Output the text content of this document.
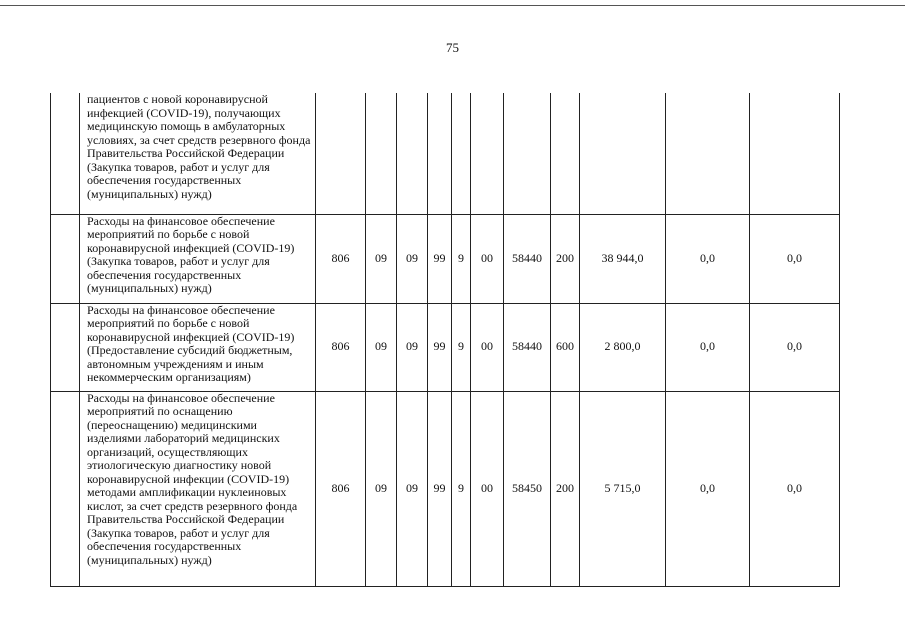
75
	пациентов с новой коронавирусной инфекцией (COVID-19), получающих медицинскую помощь в амбулаторных условиях, за счет средств резервного фонда Правительства Российской Федерации (Закупка товаров, работ и услуг для обеспечения государственных (муниципальных) нужд)											
	Расходы на финансовое обеспечение мероприятий по борьбе с новой коронавирусной инфекцией (COVID-19) (Закупка товаров, работ и услуг для обеспечения государственных (муниципальных) нужд)	806	09	09	99	9	00	58440	200	38 944,0	0,0	0,0
	Расходы на финансовое обеспечение мероприятий по борьбе с новой коронавирусной инфекцией (COVID-19) (Предоставление субсидий бюджетным, автономным учреждениям и иным некоммерческим организациям)	806	09	09	99	9	00	58440	600	2 800,0	0,0	0,0
	Расходы на финансовое обеспечение мероприятий по оснащению (переоснащению) медицинскими изделиями лабораторий медицинских организаций, осуществляющих этиологическую диагностику новой коронавирусной инфекции (COVID-19) методами амплификации нуклеиновых кислот, за счет средств резервного фонда Правительства Российской Федерации (Закупка товаров, работ и услуг для обеспечения государственных (муниципальных) нужд)	806	09	09	99	9	00	58450	200	5 715,0	0,0	0,0
